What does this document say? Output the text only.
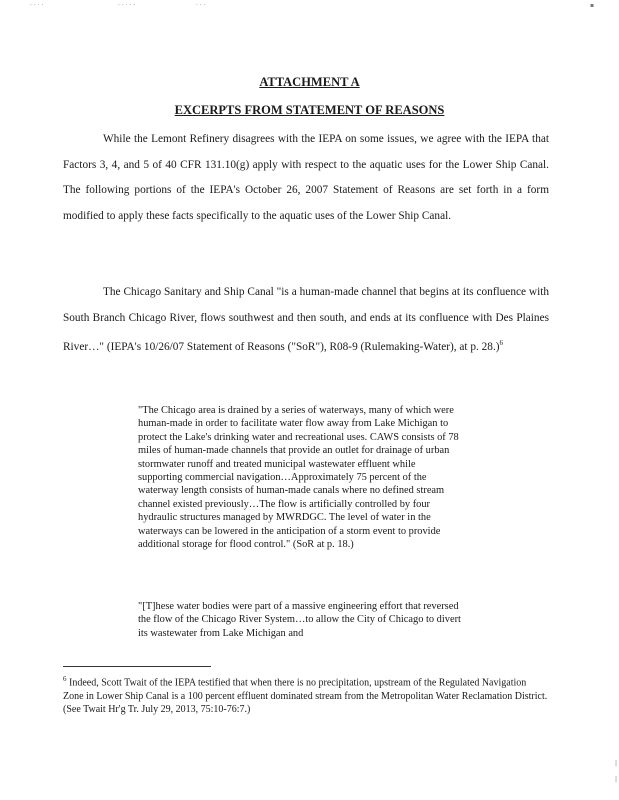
· · · ·	· · · · ·	· · ·	▪
ATTACHMENT A
EXCERPTS FROM STATEMENT OF REASONS

While the Lemont Refinery disagrees with the IEPA on some issues, we agree with the IEPA that Factors 3, 4, and 5 of 40 CFR 131.10(g) apply with respect to the aquatic uses for the Lower Ship Canal. The following portions of the IEPA's October 26, 2007 Statement of Reasons are set forth in a form modified to apply these facts specifically to the aquatic uses of the Lower Ship Canal.

The Chicago Sanitary and Ship Canal "is a human-made channel that begins at its confluence with South Branch Chicago River, flows southwest and then south, and ends at its confluence with Des Plaines River…" (IEPA's 10/26/07 Statement of Reasons ("SoR"), R08-9 (Rulemaking-Water), at p. 28.)$^6$

"The Chicago area is drained by a series of waterways, many of which were human-made in order to facilitate water flow away from Lake Michigan to protect the Lake's drinking water and recreational uses. CAWS consists of 78 miles of human-made channels that provide an outlet for drainage of urban stormwater runoff and treated municipal wastewater effluent while supporting commercial navigation…Approximately 75 percent of the waterway length consists of human-made canals where no defined stream channel existed previously…The flow is artificially controlled by four hydraulic structures managed by MWRDGC. The level of water in the waterways can be lowered in the anticipation of a storm event to provide additional storage for flood control." (SoR at p. 18.)

"[T]hese water bodies were part of a massive engineering effort that reversed the flow of the Chicago River System…to allow the City of Chicago to divert its wastewater from Lake Michigan and

$^6$ Indeed, Scott Twait of the IEPA testified that when there is no precipitation, upstream of the Regulated Navigation Zone in Lower Ship Canal is a 100 percent effluent dominated stream from the Metropolitan Water Reclamation District. (See Twait Hr'g Tr. July 29, 2013, 75:10-76:7.)

|
|
